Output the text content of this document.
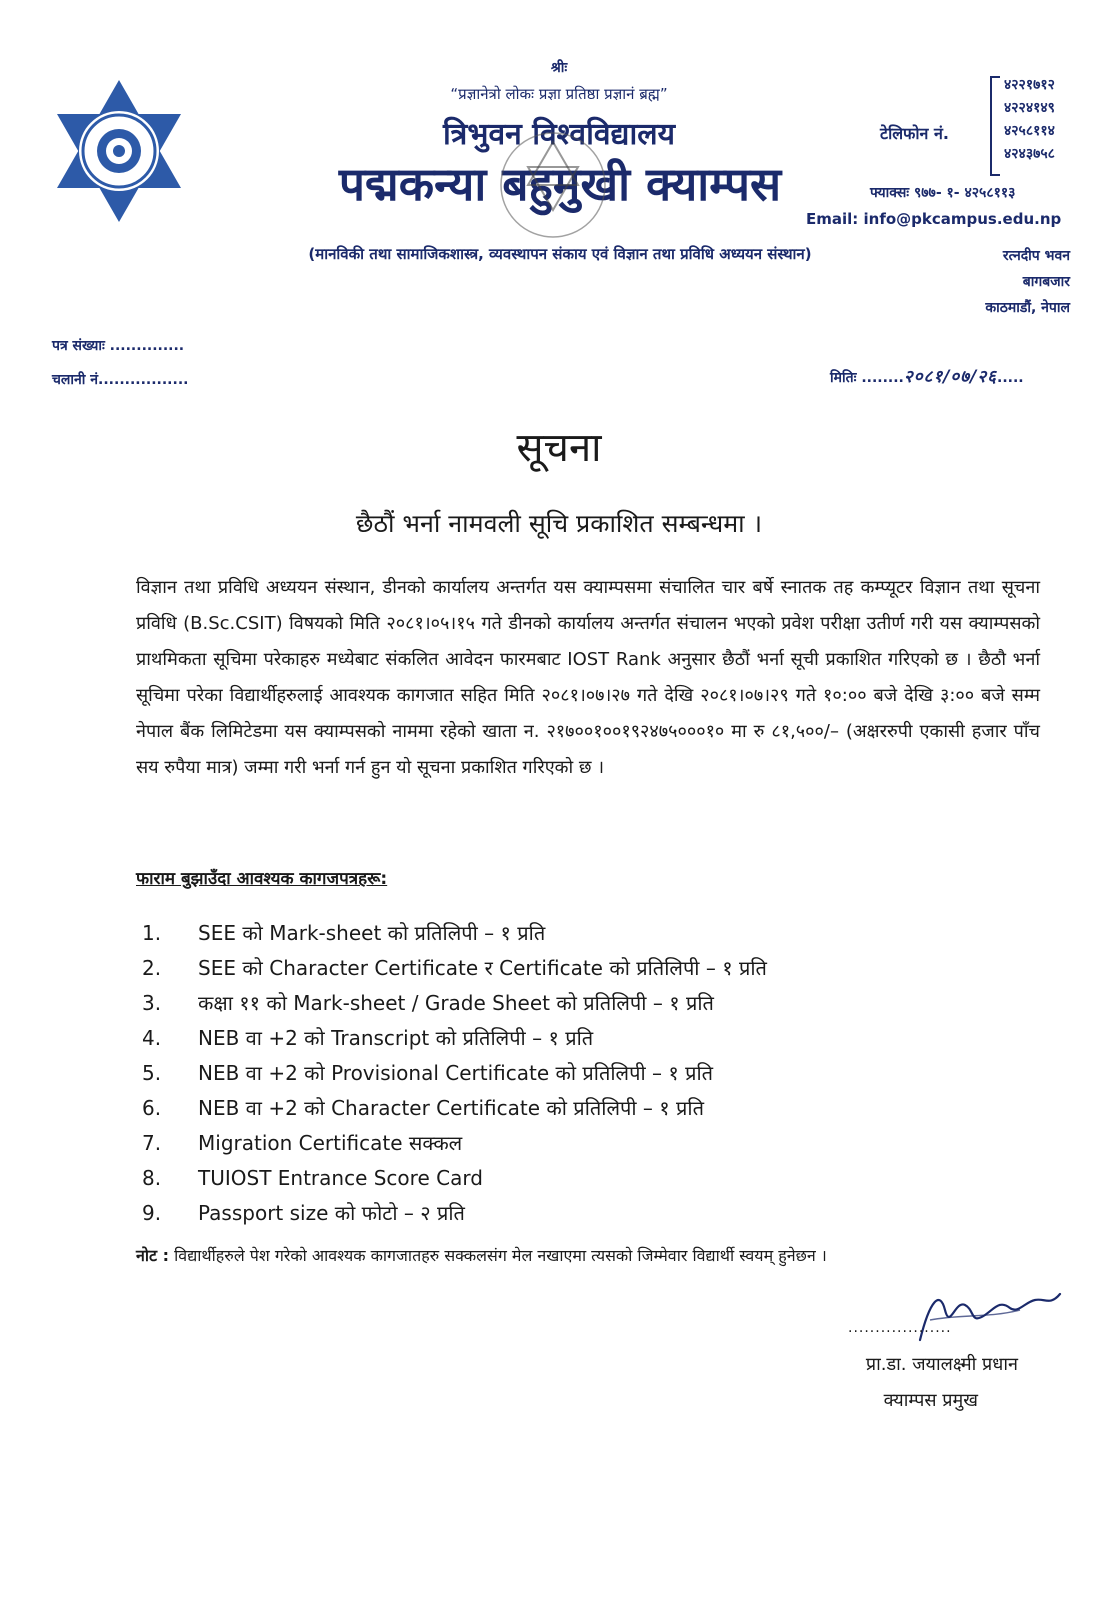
श्रीः
“प्रज्ञानेत्रो लोकः प्रज्ञा प्रतिष्ठा प्रज्ञानं ब्रह्म”
त्रिभुवन विश्वविद्यालय
पद्मकन्या बहुमुखी क्याम्पस
(मानविकी तथा सामाजिकशास्त्र, व्यवस्थापन संकाय एवं विज्ञान तथा प्रविधि अध्ययन संस्थान)
टेलिफोन नं.
४२२१७१२
४२२४१४९
४२५८११४
४२४३७५८
फ्याक्सः ९७७- १- ४२५८११३
Email: info@pkcampus.edu.np
रत्नदीप भवन
बागबजार
काठमाडौं, नेपाल
पत्र संख्याः ..............
चलानी नं.................	मितिः ........२०८१/०७/२६.....
सूचना
छैठौं भर्ना नामवली सूचि प्रकाशित सम्बन्धमा ।
विज्ञान तथा प्रविधि अध्ययन संस्थान, डीनको कार्यालय अन्तर्गत यस क्याम्पसमा संचालित चार बर्षे स्नातक तह कम्प्यूटर विज्ञान तथा सूचना प्रविधि (B.Sc.CSIT) विषयको मिति २०८१।०५।१५ गते डीनको कार्यालय अन्तर्गत संचालन भएको प्रवेश परीक्षा उतीर्ण गरी यस क्याम्पसको प्राथमिकता सूचिमा परेकाहरु मध्येबाट संकलित आवेदन फारमबाट IOST Rank अनुसार छैठौं भर्ना सूची प्रकाशित गरिएको छ । छैठौ भर्ना सूचिमा परेका विद्यार्थीहरुलाई आवश्यक कागजात सहित मिति २०८१।०७।२७ गते देखि २०८१।०७।२९ गते १०:०० बजे देखि ३:०० बजे सम्म नेपाल बैंक लिमिटेडमा यस क्याम्पसको नाममा रहेको खाता न. २१७००१००१९२४७५०००१० मा रु ८१,५००/– (अक्षररुपी एकासी हजार पाँच सय रुपैया मात्र) जम्मा गरी भर्ना गर्न हुन यो सूचना प्रकाशित गरिएको छ ।
फाराम बुझाउँदा आवश्यक कागजपत्रहरू:
1.	SEE को Mark-sheet को प्रतिलिपी – १ प्रति
2.	SEE को Character Certificate र Certificate को प्रतिलिपी – १ प्रति
3.	कक्षा ११ को Mark-sheet / Grade Sheet को प्रतिलिपी – १ प्रति
4.	NEB वा +2 को Transcript को प्रतिलिपी – १ प्रति
5.	NEB वा +2 को Provisional Certificate को प्रतिलिपी – १ प्रति
6.	NEB वा +2 को Character Certificate को प्रतिलिपी – १ प्रति
7.	Migration Certificate सक्कल
8.	TUIOST Entrance Score Card
9.	Passport size को फोटो – २ प्रति
नोट : विद्यार्थीहरुले पेश गरेको आवश्यक कागजातहरु सक्कलसंग मेल नखाएमा त्यसको जिम्मेवार विद्यार्थी स्वयम् हुनेछन ।
...................
प्रा.डा. जयालक्ष्मी प्रधान
क्याम्पस प्रमुख
